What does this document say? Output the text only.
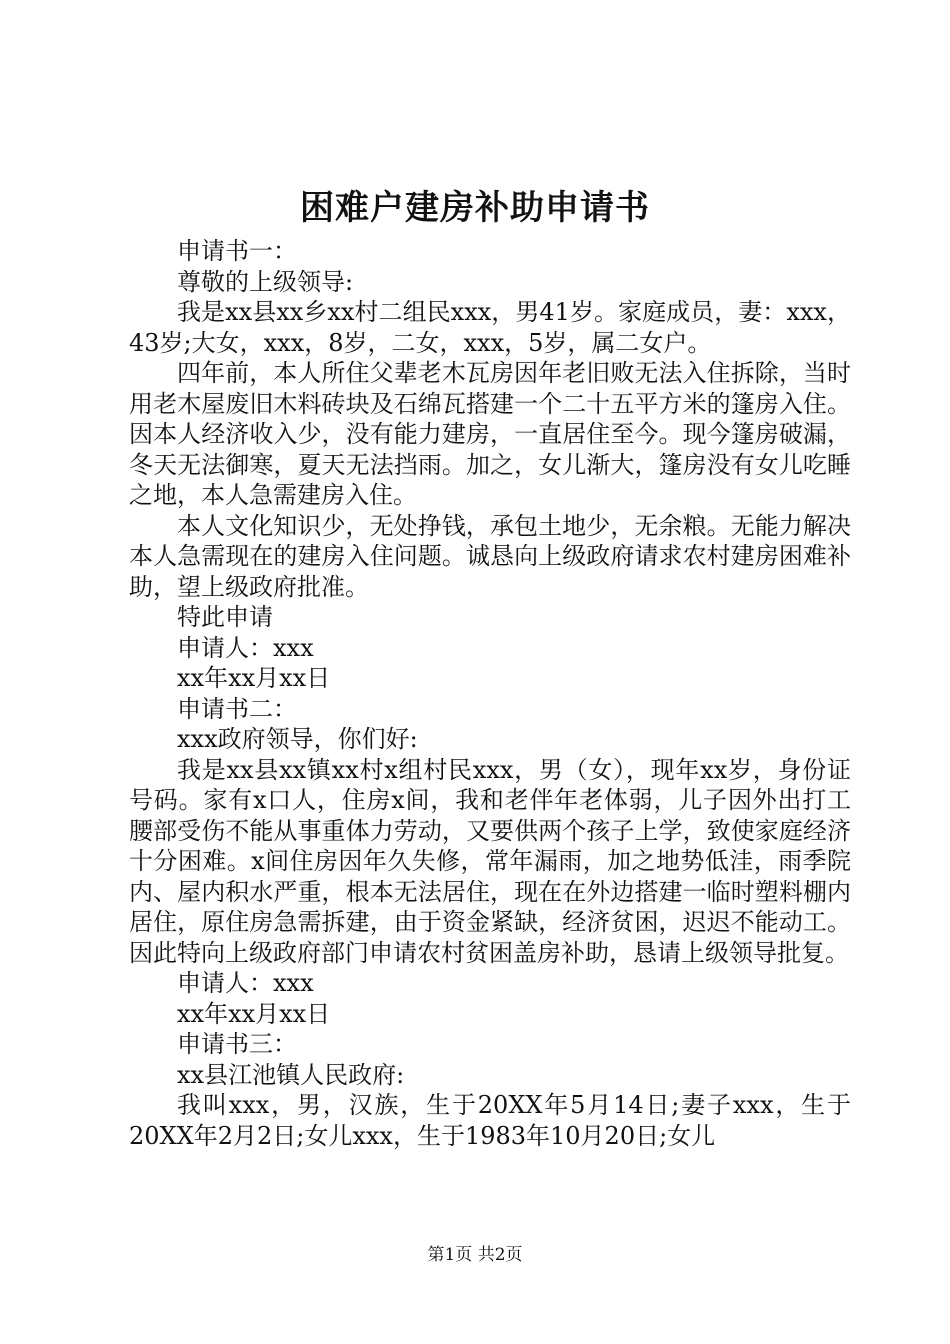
困难户建房补助申请书

申请书一：

尊敬的上级领导:

我是xx县xx乡xx村二组民xxx，男41岁。家庭成员，妻：xxx，43岁;大女，xxx，8岁，二女，xxx，5岁，属二女户。

四年前，本人所住父辈老木瓦房因年老旧败无法入住拆除，当时用老木屋废旧木料砖块及石绵瓦搭建一个二十五平方米的篷房入住。因本人经济收入少，没有能力建房，一直居住至今。现今篷房破漏，冬天无法御寒，夏天无法挡雨。加之，女儿渐大，篷房没有女儿吃睡之地，本人急需建房入住。

本人文化知识少，无处挣钱，承包土地少，无余粮。无能力解决本人急需现在的建房入住问题。诚恳向上级政府请求农村建房困难补助，望上级政府批准。

特此申请

申请人：xxx

xx年xx月xx日

申请书二：

xxx政府领导，你们好:

我是xx县xx镇xx村x组村民xxx，男（女），现年xx岁，身份证号码。家有x口人，住房x间，我和老伴年老体弱，儿子因外出打工腰部受伤不能从事重体力劳动，又要供两个孩子上学，致使家庭经济十分困难。x间住房因年久失修，常年漏雨，加之地势低洼，雨季院内、屋内积水严重，根本无法居住，现在在外边搭建一临时塑料棚内居住，原住房急需拆建，由于资金紧缺，经济贫困，迟迟不能动工。因此特向上级政府部门申请农村贫困盖房补助，恳请上级领导批复。

申请人：xxx

xx年xx月xx日

申请书三：

xx县江池镇人民政府:

我叫xxx，男，汉族，生于20XX年5月14日;妻子xxx，生于20XX年2月2日;女儿xxx，生于1983年10月20日;女儿

第1页 共2页
